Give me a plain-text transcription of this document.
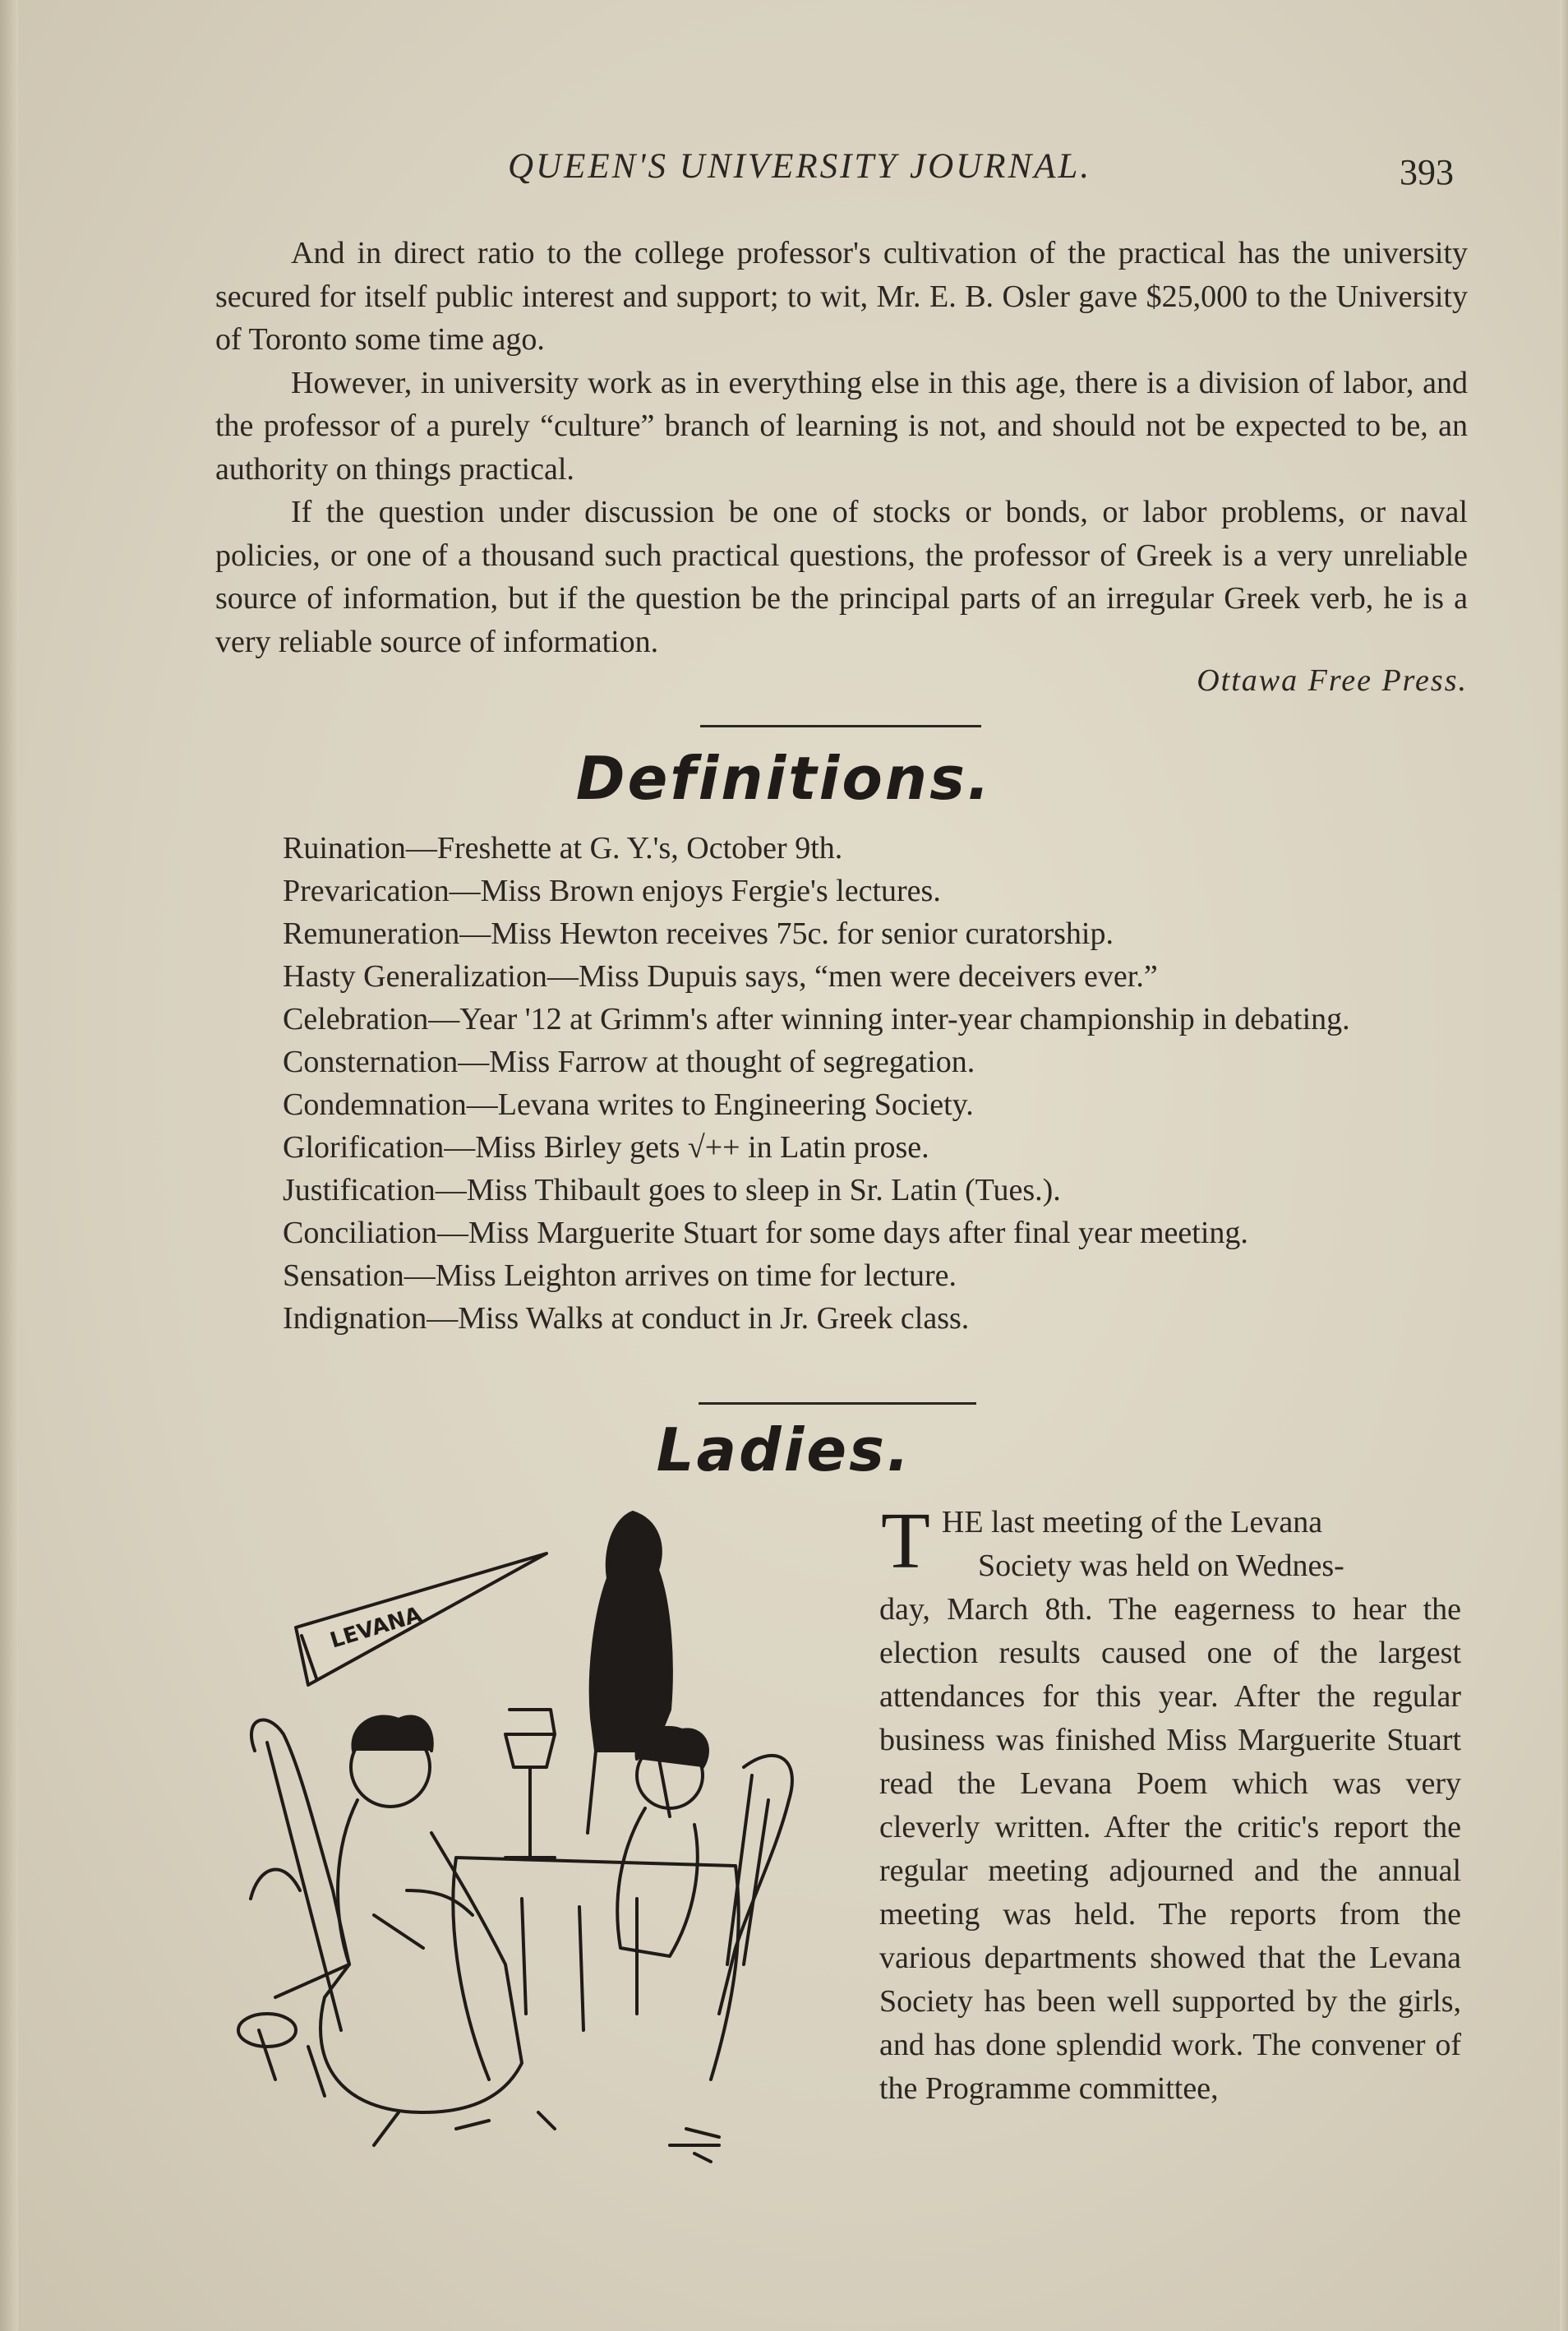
QUEEN'S UNIVERSITY JOURNAL.	393

And in direct ratio to the college professor's cultivation of the practical has the university secured for itself public interest and support; to wit, Mr. E. B. Osler gave $25,000 to the University of Toronto some time ago.

However, in university work as in everything else in this age, there is a division of labor, and the professor of a purely “culture” branch of learning is not, and should not be expected to be, an authority on things practical.

If the question under discussion be one of stocks or bonds, or labor problems, or naval policies, or one of a thousand such practical questions, the professor of Greek is a very unreliable source of information, but if the question be the principal parts of an irregular Greek verb, he is a very reliable source of information.

Ottawa Free Press.
Definitions.
Ruination—Freshette at G. Y.'s, October 9th.
Prevarication—Miss Brown enjoys Fergie's lectures.
Remuneration—Miss Hewton receives 75c. for senior curatorship.
Hasty Generalization—Miss Dupuis says, “men were deceivers ever.”
Celebration—Year '12 at Grimm's after winning inter-year championship in debating.
Consternation—Miss Farrow at thought of segregation.
Condemnation—Levana writes to Engineering Society.
Glorification—Miss Birley gets √++ in Latin prose.
Justification—Miss Thibault goes to sleep in Sr. Latin (Tues.).
Conciliation—Miss Marguerite Stuart for some days after final year meeting.
Sensation—Miss Leighton arrives on time for lecture.
Indignation—Miss Walks at conduct in Jr. Greek class.
Ladies.
LEVANA
T HE last meeting of the Levana
Society was held on Wednes-
day, March 8th. The eagerness to hear the election results caused one of the largest attendances for this year. After the regular business was finished Miss Marguerite Stuart read the Levana Poem which was very cleverly written. After the critic's report the regular meeting adjourned and the annual meeting was held. The reports from the various departments showed that the Levana Society has been well supported by the girls, and has done splendid work. The convener of the Programme committee,
